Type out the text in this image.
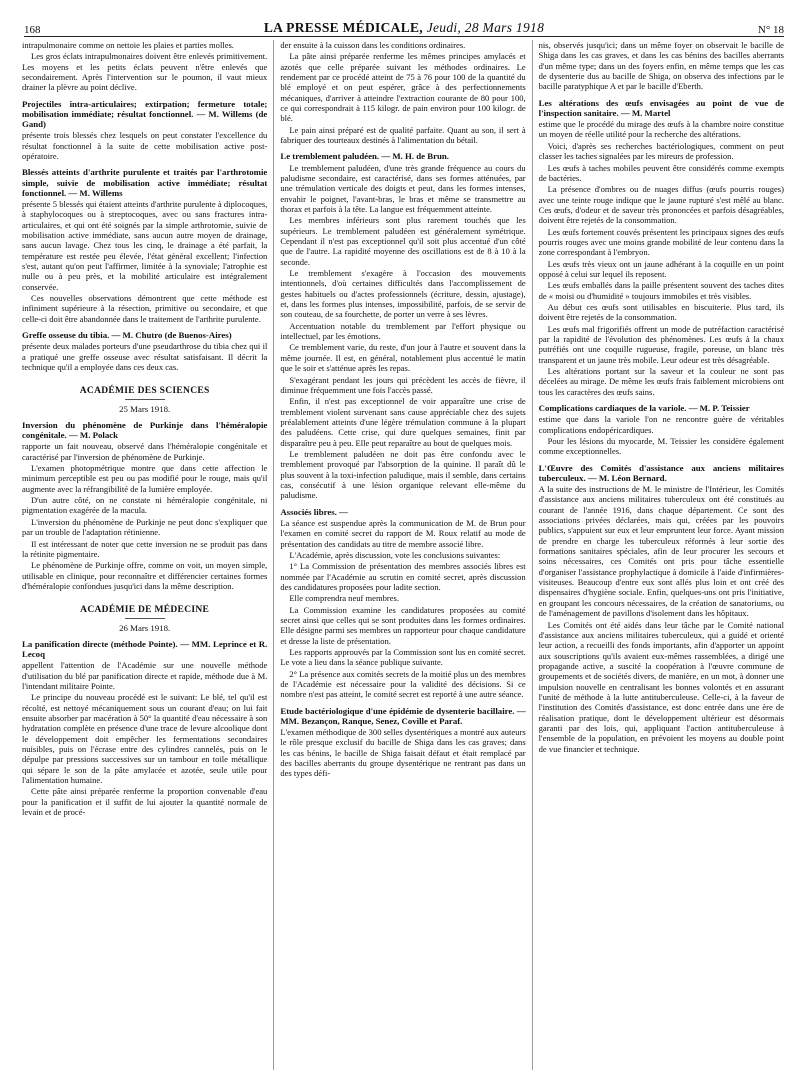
168	LA PRESSE MÉDICALE, Jeudi, 28 Mars 1918	N° 18

intrapulmonaire comme on nettoie les plaies et parties molles.

Les gros éclats intrapulmonaires doivent être enlevés primitivement. Les moyens et les petits éclats peuvent n'être enlevés que secondairement. Après l'intervention sur le poumon, il vaut mieux drainer la plèvre au point déclive.

Projectiles intra-articulaires; extirpation; fermeture totale; mobilisation immédiate; résultat fonctionnel. — M. Willems (de Gand)

présente trois blessés chez lesquels on peut constater l'excellence du résultat fonctionnel à la suite de cette mobilisation active post-opératoire.

Blessés atteints d'arthrite purulente et traités par l'arthrotomie simple, suivie de mobilisation active immédiate; résultat fonctionnel. — M. Willems

présente 5 blessés qui étaient atteints d'arthrite purulente à diplocoques, à staphylocoques ou à streptocoques, avec ou sans fractures intra-articulaires, et qui ont été soignés par la simple arthrotomie, suivie de mobilisation active immédiate, sans aucun autre moyen de drainage, sans aucun lavage. Chez tous les cinq, le drainage a été parfait, la température est restée peu élevée, l'état général excellent; l'infection s'est, autant qu'on peut l'affirmer, limitée à la synoviale; l'atrophie est nulle ou à peu près, et la mobilité articulaire est intégralement conservée.

Ces nouvelles observations démontrent que cette méthode est infiniment supérieure à la résection, primitive ou secondaire, et que celle-ci doit être abandonnée dans le traitement de l'arthrite purulente.

Greffe osseuse du tibia. — M. Chutro (de Buenos-Aires)

présente deux malades porteurs d'une pseudarthrose du tibia chez qui il a pratiqué une greffe osseuse avec résultat satisfaisant. Il décrit la technique qu'il a employée dans ces deux cas.

ACADÉMIE DES SCIENCES
25 Mars 1918.
Inversion du phénomène de Purkinje dans l'héméralopie congénitale. — M. Polack

rapporte un fait nouveau, observé dans l'héméralopie congénitale et caractérisé par l'inversion de phénomène de Purkinje.

L'examen photopmétrique montre que dans cette affection le minimum perceptible est peu ou pas modifié pour le rouge, mais qu'il augmente avec la réfrangibilité de la lumière employée.

D'un autre côté, on ne constate ni héméralopie congénitale, ni pigmentation exagérée de la macula.

L'inversion du phénomène de Purkinje ne peut donc s'expliquer que par un trouble de l'adaptation rétinienne.

Il est intéressant de noter que cette inversion ne se produit pas dans la rétinite pigmentaire.

Le phénomène de Purkinje offre, comme on voit, un moyen simple, utilisable en clinique, pour reconnaître et différencier certaines formes d'héméralopie confondues jusqu'ici dans la même description.

ACADÉMIE DE MÉDECINE
26 Mars 1918.
La panification directe (méthode Pointe). — MM. Leprince et R. Lecoq

appellent l'attention de l'Académie sur une nouvelle méthode d'utilisation du blé par panification directe et rapide, méthode due à M. l'intendant militaire Pointe.

Le principe du nouveau procédé est le suivant: Le blé, tel qu'il est récolté, est nettoyé mécaniquement sous un courant d'eau; on lui fait ensuite absorber par macération à 50° la quantité d'eau nécessaire à son hydratation complète en présence d'une trace de levure alcoolique dont le développement doit empêcher les fermentations secondaires nuisibles, puis on l'écrase entre des cylindres cannelés, puis on le dépulpe par pressions successives sur un tambour en toile métallique qui sépare le son de la pâte amylacée et azotée, seule utile pour l'alimentation humaine.

Cette pâte ainsi préparée renferme la proportion convenable d'eau pour la panification et il suffit de lui ajouter la quantité normale de levain et de procé-

der ensuite à la cuisson dans les conditions ordinaires.

La pâte ainsi préparée renferme les mêmes principes amylacés et azotés que celle préparée suivant les méthodes ordinaires. Le rendement par ce procédé atteint de 75 à 76 pour 100 de la quantité du blé employé et on peut espérer, grâce à des perfectionnements mécaniques, d'arriver à atteindre l'extraction courante de 80 pour 100, ce qui correspondrait à 115 kilogr. de pain environ pour 100 kilogr. de blé.

Le pain ainsi préparé est de qualité parfaite. Quant au son, il sert à fabriquer des tourteaux destinés à l'alimentation du bétail.

Le tremblement paludéen. — M. H. de Brun.

Le tremblement paludéen, d'une très grande fréquence au cours du paludisme secondaire, est caractérisé, dans ses formes atténuées, par une trémulation verticale des doigts et peut, dans les formes intenses, envahir le poignet, l'avant-bras, le bras et même se transmettre au thorax et parfois à la tête. La langue est fréquemment atteinte.

Les membres inférieurs sont plus rarement touchés que les supérieurs. Le tremblement paludéen est généralement symétrique. Cependant il n'est pas exceptionnel qu'il soit plus accentué d'un côté que de l'autre. La rapidité moyenne des oscillations est de 8 à 10 à la seconde.

Le tremblement s'exagère à l'occasion des mouvements intentionnels, d'où certaines difficultés dans l'accomplissement de gestes habituels ou d'actes professionnels (écriture, dessin, ajustage), et, dans les formes plus intenses, impossibilité, parfois, de se servir de son couteau, de sa fourchette, de porter un verre à ses lèvres.

Accentuation notable du tremblement par l'effort physique ou intellectuel, par les émotions.

Ce tremblement varie, du reste, d'un jour à l'autre et souvent dans la même journée. Il est, en général, notablement plus accentué le matin que le soir et s'atténue après les repas.

S'exagérant pendant les jours qui précèdent les accès de fièvre, il diminue fréquemment une fois l'accès passé.

Enfin, il n'est pas exceptionnel de voir apparaître une crise de tremblement violent survenant sans cause appréciable chez des sujets préalablement atteints d'une légère trémulation commune à la plupart des paludéens. Cette crise, qui dure quelques semaines, finit par disparaître peu à peu. Elle peut reparaître au bout de quelques mois.

Le tremblement paludéen ne doit pas être confondu avec le tremblement provoqué par l'absorption de la quinine. Il paraît dû le plus souvent à la toxi-infection paludique, mais il semble, dans certains cas, consécutif à une lésion organique relevant elle-même du paludisme.

Associés libres. —

La séance est suspendue après la communication de M. de Brun pour l'examen en comité secret du rapport de M. Roux relatif au mode de présentation des candidats au titre de membre associé libre.

L'Académie, après discussion, vote les conclusions suivantes:

1° La Commission de présentation des membres associés libres est nommée par l'Académie au scrutin en comité secret, après discussion des candidatures proposées pour ladite section.

Elle comprendra neuf membres.

La Commission examine les candidatures proposées au comité secret ainsi que celles qui se sont produites dans les formes ordinaires. Elle désigne parmi ses membres un rapporteur pour chaque candidature et dresse la liste de présentation.

Les rapports approuvés par la Commission sont lus en comité secret. Le vote a lieu dans la séance publique suivante.

2° La présence aux comités secrets de la moitié plus un des membres de l'Académie est nécessaire pour la validité des décisions. Si ce nombre n'est pas atteint, le comité secret est reporté à une autre séance.

Etude bactériologique d'une épidémie de dysenterie bacillaire. — MM. Bezançon, Ranque, Senez, Coville et Paraf.

L'examen méthodique de 300 selles dysentériques a montré aux auteurs le rôle presque exclusif du bacille de Shiga dans les cas graves; dans les cas bénins, le bacille de Shiga faisait défaut et était remplacé par des bacilles aberrants du groupe dysentérique ne rentrant pas dans un des types défi-

nis, observés jusqu'ici; dans un même foyer on observait le bacille de Shiga dans les cas graves, et dans les cas bénins des bacilles aberrants d'un même type; dans un des foyers enfin, en même temps que les cas de dysenterie dus au bacille de Shiga, on observa des infections par le bacille paratyphique A et par le bacille d'Eberth.

Les altérations des œufs envisagées au point de vue de l'inspection sanitaire. — M. Martel

estime que le procédé du mirage des œufs à la chambre noire constitue un moyen de réelle utilité pour la recherche des altérations.

Voici, d'après ses recherches bactériologiques, comment on peut classer les taches signalées par les mireurs de profession.

Les œufs à taches mobiles peuvent être considérés comme exempts de bactéries.

La présence d'ombres ou de nuages diffus (œufs pourris rouges) avec une teinte rouge indique que le jaune rupturé s'est mêlé au blanc. Ces œufs, d'odeur et de saveur très prononcées et parfois désagréables, doivent être rejetés de la consommation.

Les œufs fortement couvés présentent les principaux signes des œufs pourris rouges avec une moins grande mobilité de leur contenu dans la zone correspondant à l'embryon.

Les œufs très vieux ont un jaune adhérant à la coquille en un point opposé à celui sur lequel ils reposent.

Les œufs emballés dans la paille présentent souvent des taches dites de « moisi ou d'humidité » toujours immobiles et très visibles.

Au début ces œufs sont utilisables en biscuiterie. Plus tard, ils doivent être rejetés de la consommation.

Les œufs mal frigorifiés offrent un mode de putréfaction caractérisé par la rapidité de l'évolution des phénomènes. Les œufs à la chaux putréfiés ont une coquille rugueuse, fragile, poreuse, un blanc très transparent et un jaune très mobile. Leur odeur est très désagréable.

Les altérations portant sur la saveur et la couleur ne sont pas décelées au mirage. De même les œufs frais faiblement microbiens ont tous les caractères des œufs sains.

Complications cardiaques de la variole. — M. P. Teissier

estime que dans la variole l'on ne rencontre guère de véritables complications endopéricardiques.

Pour les lésions du myocarde, M. Teissier les considère également comme exceptionnelles.

L'Œuvre des Comités d'assistance aux anciens militaires tuberculeux. — M. Léon Bernard.

A la suite des instructions de M. le ministre de l'Intérieur, les Comités d'assistance aux anciens militaires tuberculeux ont été constitués au courant de l'année 1916, dans chaque département. Ce sont des associations privées déclarées, mais qui, créées par les pouvoirs publics, s'appuient sur eux et leur empruntent leur force. Ayant mission de prendre en charge les tuberculeux réformés à leur sortie des formations sanitaires spéciales, afin de leur procurer les secours et soins nécessaires, ces Comités ont pris pour tâche essentielle d'organiser l'assistance prophylactique à domicile à l'aide d'infirmières-visiteuses. Beaucoup d'entre eux sont allés plus loin et ont créé des dispensaires d'hygiène sociale. Enfin, quelques-uns ont pris l'initiative, en groupant les concours nécessaires, de la création de sanatoriums, ou de l'aménagement de pavillons d'isolement dans les hôpitaux.

Les Comités ont été aidés dans leur tâche par le Comité national d'assistance aux anciens militaires tuberculeux, qui a guidé et orienté leur action, a recueilli des fonds importants, afin d'apporter un appoint aux souscriptions qu'ils avaient eux-mêmes rassemblées, a dirigé une propagande active, a suscité la coopération à l'œuvre commune de groupements et de sociétés divers, de manière, en un mot, à donner une impulsion nouvelle en centralisant les bonnes volontés et en assurant l'unité de méthode à la lutte antituberculeuse. Celle-ci, à la faveur de l'institution des Comités d'assistance, est donc entrée dans une ère de réalisation pratique, dont le développement ultérieur est désormais garanti par des lois, qui, appliquant l'action antituberculeuse à l'ensemble de la population, en prévoient les moyens au double point de vue financier et technique.
